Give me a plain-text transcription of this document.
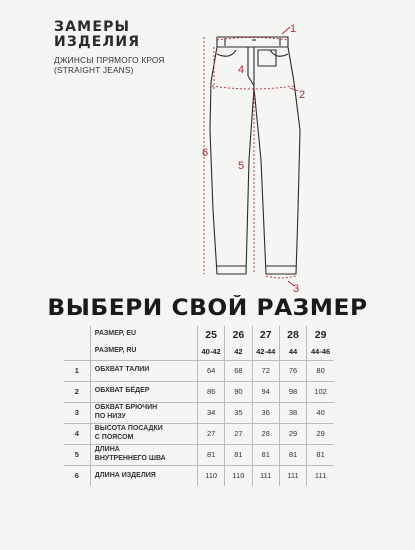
ЗАМЕРЫ
ИЗДЕЛИЯ
ДЖИНСЫ ПРЯМОГО КРОЯ
(STRAIGHT JEANS)
1
2
3
4
5
6
ВЫБЕРИ СВОЙ РАЗМЕР
	РАЗМЕР, EU	25	26	27	28	29
	РАЗМЕР, RU	40-42	42	42-44	44	44-46
1	ОБХВАТ ТАЛИИ	64	68	72	76	80
2	ОБХВАТ БЁДЕР	86	90	94	98	102
3	ОБХВАТ БРЮЧИН
ПО НИЗУ	34	35	36	38	40
4	ВЫСОТА ПОСАДКИ
С ПОЯСОМ	27	27	28	29	29
5	ДЛИНА
ВНУТРЕННЕГО ШВА	81	81	81	81	81
6	ДЛИНА ИЗДЕЛИЯ	110	110	111	111	111
